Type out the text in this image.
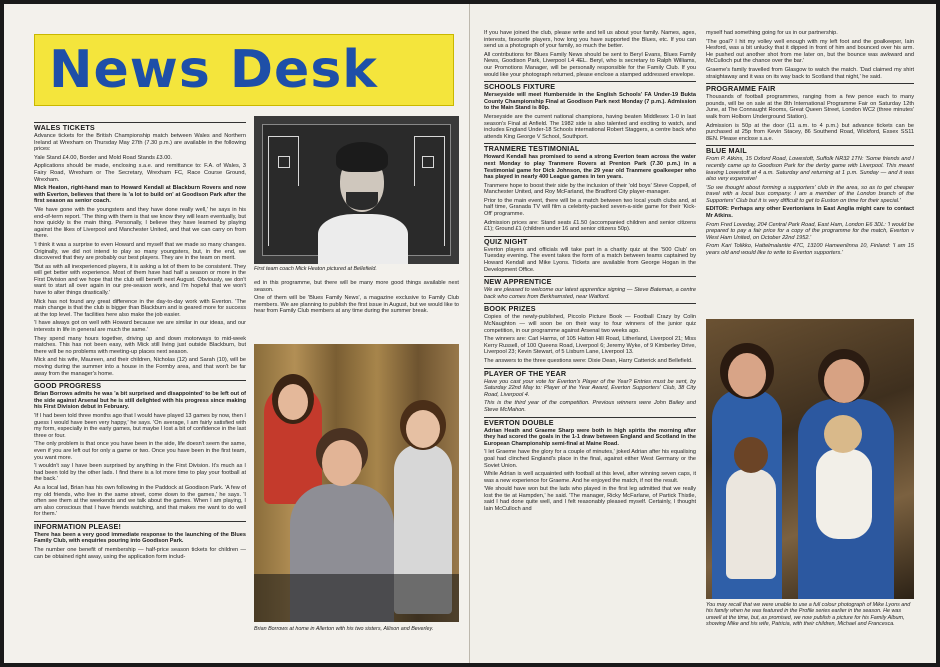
News Desk
WALES TICKETS

Advance tickets for the British Championship match between Wales and Northern Ireland at Wrexham on Thursday May 27th (7.30 p.m.) are available in the following prices:

Yale Stand £4.00, Border and Mold Road Stands £3.00.

Applications should be made, enclosing s.a.e. and remittance to: F.A. of Wales, 3 Fairy Road, Wrexham or The Secretary, Wrexham FC, Race Course Ground, Wrexham.

Mick Heaton, right-hand man to Howard Kendall at Blackburn Rovers and now with Everton, believes that there is 'a lot to build on' at Goodison Park after the first season as senior coach.

'We have gone with the youngsters and they have done really well,' he says in his end-of-term report. 'The thing with them is that we know they will learn eventually, but how quickly is the main thing. Personally, I believe they have learned by playing against the likes of Liverpool and Manchester United, and that we can carry on from there.

'I think it was a surprise to even Howard and myself that we made so many changes. Originally, we did not intend to play so many youngsters, but, in the end, we discovered that they are probably our best players. They are in the team on merit.

'But as with all inexperienced players, it is asking a lot of them to be consistent. They will get better with experience. Most of them have had half a season or more in the First Division and we hope that the club will benefit next August. Obviously, we don't want to start all over again in our pre-season work, and I'm hopeful that we won't have to alter things drastically.'

Mick has not found any great difference in the day-to-day work with Everton. 'The main change is that the club is bigger than Blackburn and is geared more for success at the top level. The facilities here also make the job easier.

'I have always got on well with Howard because we are similar in our ideas, and our interests in life in general are much the same.'

They spend many hours together, driving up and down motorways to mid-week matches. This has not been easy, with Mick still living just outside Blackburn, but there will be no problems with meeting-up places next season.

Mick and his wife, Maureen, and their children, Nicholas (12) and Sarah (10), will be moving during the summer into a house in the Formby area, and that won't be far away from the manager's home.

GOOD PROGRESS

Brian Borrows admits he was 'a bit surprised and disappointed' to be left out of the side against Arsenal but he is still delighted with his progress since making his First Division debut in February.

'If I had been told three months ago that I would have played 13 games by now, then I guess I would have been very happy,' he says. 'On average, I am fairly satisfied with my form, especially in the early games, but maybe I lost a bit of confidence in the last three or four.

'The only problem is that once you have been in the side, life doesn't seem the same, even if you are left out for only a game or two. Once you have been in the first team, you want more.

'I wouldn't say I have been surprised by anything in the First Division. It's much as I had been told by the other lads. I find there is a lot more time to play your football at the back.'

As a local lad, Brian has his own following in the Paddock at Goodison Park. 'A few of my old friends, who live in the same street, come down to the games,' he says. 'I often see them at the weekends and we talk about the games. When I am playing, I am also conscious that I have friends watching, and that makes me want to do well for them.'

INFORMATION PLEASE!

There has been a very good immediate response to the launching of the Blues Family Club, with enquiries pouring into Goodison Park.

The number one benefit of membership — half-price season tickets for children — can be obtained right away, using the application form includ-

First team coach Mick Heaton pictured at Bellefield.

ed in this programme, but there will be many more good things available next season.

One of them will be 'Blues Family News', a magazine exclusive to Family Club members. We are planning to publish the first issue in August, but we would like to hear from Family Club members at any time during the summer break.

Brian Borrows at home in Allerton with his two sisters, Allison and Beverley.

If you have joined the club, please write and tell us about your family. Names, ages, interests, favourite players, how long you have supported the Blues, etc. If you can send us a photograph of your family, so much the better.

All contributions for Blues Family News should be sent to Beryl Evans, Blues Family News, Goodison Park, Liverpool L4 4EL. Beryl, who is secretary to Ralph Williams, our Promotions Manager, will be personally responsible for the Family Club. If you would like your photograph returned, please enclose a stamped addressed envelope.

SCHOOLS FIXTURE

Merseyside will meet Humberside in the English Schools' FA Under-19 Bukta County Championship Final at Goodison Park next Monday (7 p.m.). Admission to the Main Stand is 80p.

Merseyside are the current national champions, having beaten Middlesex 1-0 in last season's Final at Anfield. The 1982 side is also talented and exciting to watch, and includes England Under-18 Schools international Robert Staggers, a centre back who attends King George V School, Southport.

TRANMERE TESTIMONIAL

Howard Kendall has promised to send a strong Everton team across the water next Monday to play Tranmere Rovers at Prenton Park (7.30 p.m.) in a Testimonial game for Dick Johnson, the 29 year old Tranmere goalkeeper who has played in nearly 400 League games in ten years.

Tranmere hope to boost their side by the inclusion of their 'old boys' Steve Coppell, of Manchester United, and Roy McFarland, the Bradford City player-manager.

Prior to the main event, there will be a match between two local youth clubs and, at half time, Granada TV will film a celebrity-packed seven-a-side game for their 'Kick-Off' programme.

Admission prices are: Stand seats £1.50 (accompanied children and senior citizens £1); Ground £1 (children under 16 and senior citizens 50p).

QUIZ NIGHT

Everton players and officials will take part in a charity quiz at the '500 Club' on Tuesday evening. The event takes the form of a match between teams captained by Howard Kendall and Mike Lyons. Tickets are available from George Hogan in the Development Office.

NEW APPRENTICE

We are pleased to welcome our latest apprentice signing — Steve Bateman, a centre back who comes from Berkhamsted, near Watford.

BOOK PRIZES

Copies of the newly-published, Piccolo Picture Book — Football Crazy by Colin McNaughton — will soon be on their way to four winners of the junior quiz competition, in our programme against Arsenal two weeks ago.

The winners are: Carl Harms, of 105 Hatton Hill Road, Litherland, Liverpool 21; Miss Kerry Russell, of 100 Queens Road, Liverpool 6; Jeremy Wyke, of 9 Kimberley Drive, Liverpool 23; Kevin Stewart, of 5 Lisburn Lane, Liverpool 13.

The answers to the three questions were: Dixie Dean, Harry Catterick and Bellefield.

PLAYER OF THE YEAR

Have you cast your vote for Everton's Player of the Year? Entries must be sent, by Saturday 22nd May to: Player of the Year Award, Everton Supporters' Club, 38 City Road, Liverpool 4.

This is the third year of the competition. Previous winners were John Bailey and Steve McMahon.

EVERTON DOUBLE

Adrian Heath and Graeme Sharp were both in high spirits the morning after they had scored the goals in the 1-1 draw between England and Scotland in the European Championship semi-final at Maine Road.

'I let Graeme have the glory for a couple of minutes,' joked Adrian after his equalising goal had clinched England's place in the final, against either West Germany or the Soviet Union.

While Adrian is well acquainted with football at this level, after winning seven caps, it was a new experience for Graeme. And he enjoyed the match, if not the result.

'We should have won but the lads who played in the first leg admitted that we really lost the tie at Hampden,' he said. 'The manager, Ricky McFarlane, of Partick Thistle, said I had done quite well, and I felt reasonably pleased myself. Certainly, I thought Iain McCulloch and

myself had something going for us in our partnership.

'The goal? I hit my volley well enough with my left foot and the goalkeeper, Iain Hesford, was a bit unlucky that it dipped in front of him and bounced over his arm. He pushed out another shot from me later on, but the bounce was awkward and McCulloch put the chance over the bar.'

Graeme's family travelled from Glasgow to watch the match. 'Dad claimed my shirt straightaway and it was on its way back to Scotland that night,' he said.

PROGRAMME FAIR

Thousands of football programmes, ranging from a few pence each to many pounds, will be on sale at the 8th International Programme Fair on Saturday 12th June, at The Connaught Rooms, Great Queen Street, London WC2 (three minutes' walk from Holborn Underground Station).

Admission is 50p at the door (11 a.m. to 4 p.m.) but advance tickets can be purchased at 25p from Kevin Stacey, 86 Southend Road, Wickford, Essex SS11 8EN. Please enclose s.a.e.

BLUE MAIL

From P. Atkins, 15 Oxford Road, Lowestoft, Suffolk NR32 1TN: 'Some friends and I recently came up to Goodison Park for the derby game with Liverpool. This meant leaving Lowestoft at 4 a.m. Saturday and returning at 1 p.m. Sunday — and it was also very expensive!

'So we thought about forming a supporters' club in the area, so as to get cheaper travel with a local bus company. I am a member of the London branch of the Supporters' Club but it is very difficult to get to Euston on time for their special.'

EDITOR: Perhaps any other Evertonians in East Anglia might care to contact Mr Atkins.

From Fred Loveday, 204 Central Park Road, East Ham, London E6 3DL: 'I would be prepared to pay a fair price for a copy of the programme for the match, Everton v West Ham United, on October 22nd 1952.'

From Kari Tolikko, Hattelmalantie 47C, 13100 Hameenlinna 10, Finland: 'I am 15 years old and would like to write to Everton supporters.'

You may recall that we were unable to use a full colour photograph of Mike Lyons and his family when he was featured in the Profile series earlier in the season. He was unwell at the time, but, as promised, we now publish a picture for his Family Album, showing Mike and his wife, Patricia, with their children, Michael and Francesca.
